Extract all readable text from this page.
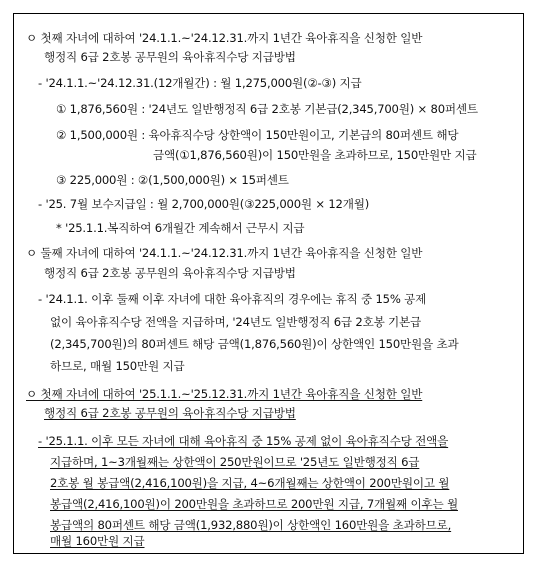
ㅇ 첫째 자녀에 대하여 '24.1.1.~'24.12.31.까지 1년간 육아휴직을 신청한 일반
행정직 6급 2호봉 공무원의 육아휴직수당 지급방법
- '24.1.1.~'24.12.31.(12개월간) : 월 1,275,000원(②-③) 지급
① 1,876,560원 : '24년도 일반행정직 6급 2호봉 기본급(2,345,700원) × 80퍼센트
② 1,500,000원 : 육아휴직수당 상한액이 150만원이고, 기본급의 80퍼센트 해당
금액(①1,876,560원)이 150만원을 초과하므로, 150만원만 지급
③ 225,000원 : ②(1,500,000원) × 15퍼센트
- '25. 7월 보수지급일 : 월 2,700,000원(③225,000원 × 12개월)
* '25.1.1.복직하여 6개월간 계속해서 근무시 지급
ㅇ 둘째 자녀에 대하여 '24.1.1.~'24.12.31.까지 1년간 육아휴직을 신청한 일반
행정직 6급 2호봉 공무원의 육아휴직수당 지급방법
- '24.1.1. 이후 둘째 이후 자녀에 대한 육아휴직의 경우에는 휴직 중 15% 공제
없이 육아휴직수당 전액을 지급하며, '24년도 일반행정직 6급 2호봉 기본급
(2,345,700원)의 80퍼센트 해당 금액(1,876,560원)이 상한액인 150만원을 초과
하므로, 매월 150만원 지급
ㅇ 첫째 자녀에 대하여 '25.1.1.~'25.12.31.까지 1년간 육아휴직을 신청한 일반
행정직 6급 2호봉 공무원의 육아휴직수당 지급방법
- '25.1.1. 이후 모든 자녀에 대해 육아휴직 중 15% 공제 없이 육아휴직수당 전액을
지급하며, 1~3개월째는 상한액이 250만원이므로 '25년도 일반행정직 6급
2호봉 월 봉급액(2,416,100원)을 지급, 4~6개월째는 상한액이 200만원이고 월
봉급액(2,416,100원)이 200만원을 초과하므로 200만원 지급, 7개월째 이후는 월
봉급액의 80퍼센트 해당 금액(1,932,880원)이 상한액인 160만원을 초과하므로,
매월 160만원 지급
